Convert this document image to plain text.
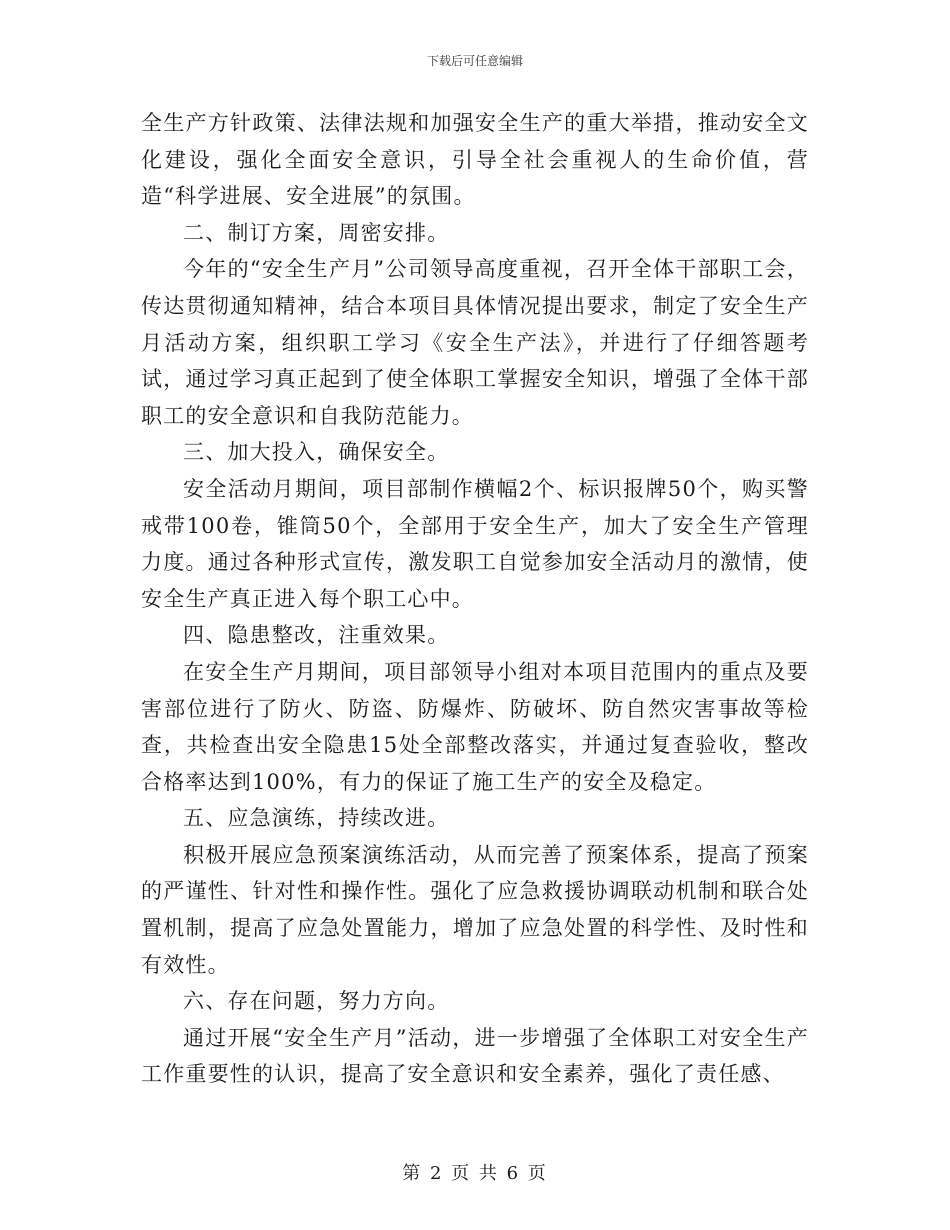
下载后可任意编辑

全生产方针政策、法律法规和加强安全生产的重大举措，推动安全文化建设，强化全面安全意识，引导全社会重视人的生命价值，营造“科学进展、安全进展”的氛围。

二、制订方案，周密安排。

今年的“安全生产月”公司领导高度重视，召开全体干部职工会，传达贯彻通知精神，结合本项目具体情况提出要求，制定了安全生产月活动方案，组织职工学习《安全生产法》，并进行了仔细答题考试，通过学习真正起到了使全体职工掌握安全知识，增强了全体干部职工的安全意识和自我防范能力。

三、加大投入，确保安全。

安全活动月期间，项目部制作横幅2个、标识报牌50个，购买警戒带100卷，锥筒50个，全部用于安全生产，加大了安全生产管理力度。通过各种形式宣传，激发职工自觉参加安全活动月的激情，使安全生产真正进入每个职工心中。

四、隐患整改，注重效果。

在安全生产月期间，项目部领导小组对本项目范围内的重点及要害部位进行了防火、防盗、防爆炸、防破坏、防自然灾害事故等检查，共检查出安全隐患15处全部整改落实，并通过复查验收，整改合格率达到100%，有力的保证了施工生产的安全及稳定。

五、应急演练，持续改进。

积极开展应急预案演练活动，从而完善了预案体系，提高了预案的严谨性、针对性和操作性。强化了应急救援协调联动机制和联合处置机制，提高了应急处置能力，增加了应急处置的科学性、及时性和有效性。

六、存在问题，努力方向。

通过开展“安全生产月”活动，进一步增强了全体职工对安全生产工作重要性的认识，提高了安全意识和安全素养，强化了责任感、

第 2 页 共 6 页
